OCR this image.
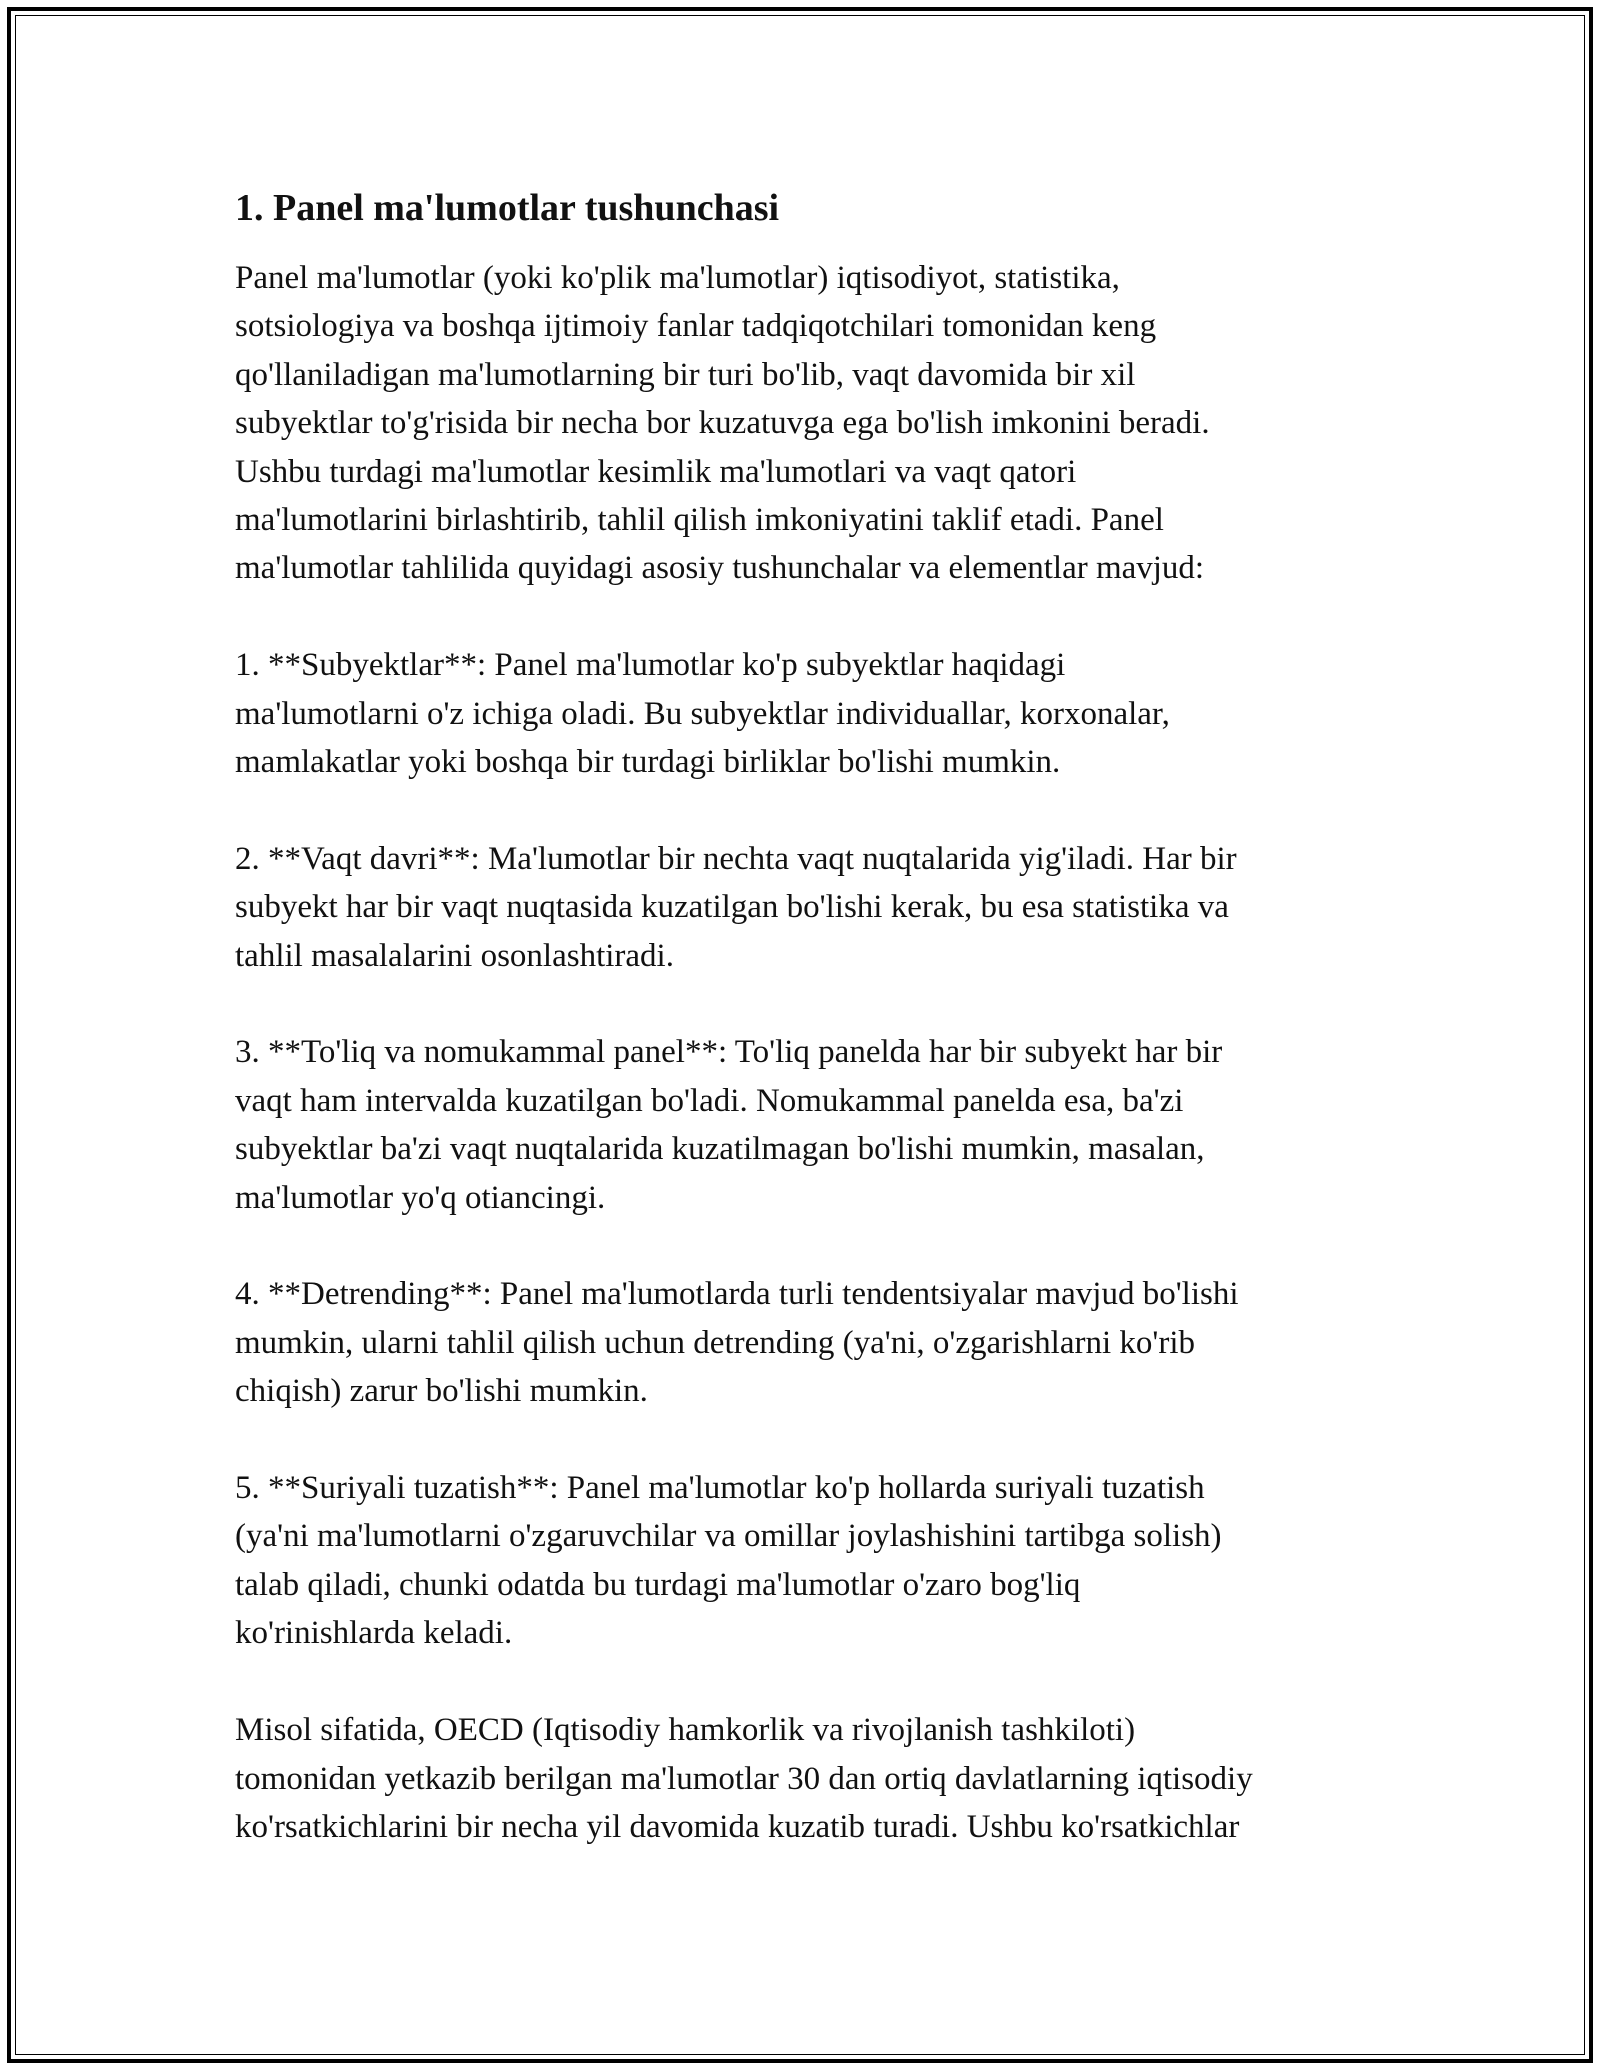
1. Panel ma'lumotlar tushunchasi

Panel ma'lumotlar (yoki ko'plik ma'lumotlar) iqtisodiyot, statistika,
sotsiologiya va boshqa ijtimoiy fanlar tadqiqotchilari tomonidan keng
qo'llaniladigan ma'lumotlarning bir turi bo'lib, vaqt davomida bir xil
subyektlar to'g'risida bir necha bor kuzatuvga ega bo'lish imkonini beradi.
Ushbu turdagi ma'lumotlar kesimlik ma'lumotlari va vaqt qatori
ma'lumotlarini birlashtirib, tahlil qilish imkoniyatini taklif etadi. Panel
ma'lumotlar tahlilida quyidagi asosiy tushunchalar va elementlar mavjud:

1. **Subyektlar**: Panel ma'lumotlar ko'p subyektlar haqidagi
ma'lumotlarni o'z ichiga oladi. Bu subyektlar individuallar, korxonalar,
mamlakatlar yoki boshqa bir turdagi birliklar bo'lishi mumkin.

2. **Vaqt davri**: Ma'lumotlar bir nechta vaqt nuqtalarida yig'iladi. Har bir
subyekt har bir vaqt nuqtasida kuzatilgan bo'lishi kerak, bu esa statistika va
tahlil masalalarini osonlashtiradi.

3. **To'liq va nomukammal panel**: To'liq panelda har bir subyekt har bir
vaqt ham intervalda kuzatilgan bo'ladi. Nomukammal panelda esa, ba'zi
subyektlar ba'zi vaqt nuqtalarida kuzatilmagan bo'lishi mumkin, masalan,
ma'lumotlar yo'q otiancingi.

4. **Detrending**: Panel ma'lumotlarda turli tendentsiyalar mavjud bo'lishi
mumkin, ularni tahlil qilish uchun detrending (ya'ni, o'zgarishlarni ko'rib
chiqish) zarur bo'lishi mumkin.

5. **Suriyali tuzatish**: Panel ma'lumotlar ko'p hollarda suriyali tuzatish
(ya'ni ma'lumotlarni o'zgaruvchilar va omillar joylashishini tartibga solish)
talab qiladi, chunki odatda bu turdagi ma'lumotlar o'zaro bog'liq
ko'rinishlarda keladi.

Misol sifatida, OECD (Iqtisodiy hamkorlik va rivojlanish tashkiloti)
tomonidan yetkazib berilgan ma'lumotlar 30 dan ortiq davlatlarning iqtisodiy
ko'rsatkichlarini bir necha yil davomida kuzatib turadi. Ushbu ko'rsatkichlar
